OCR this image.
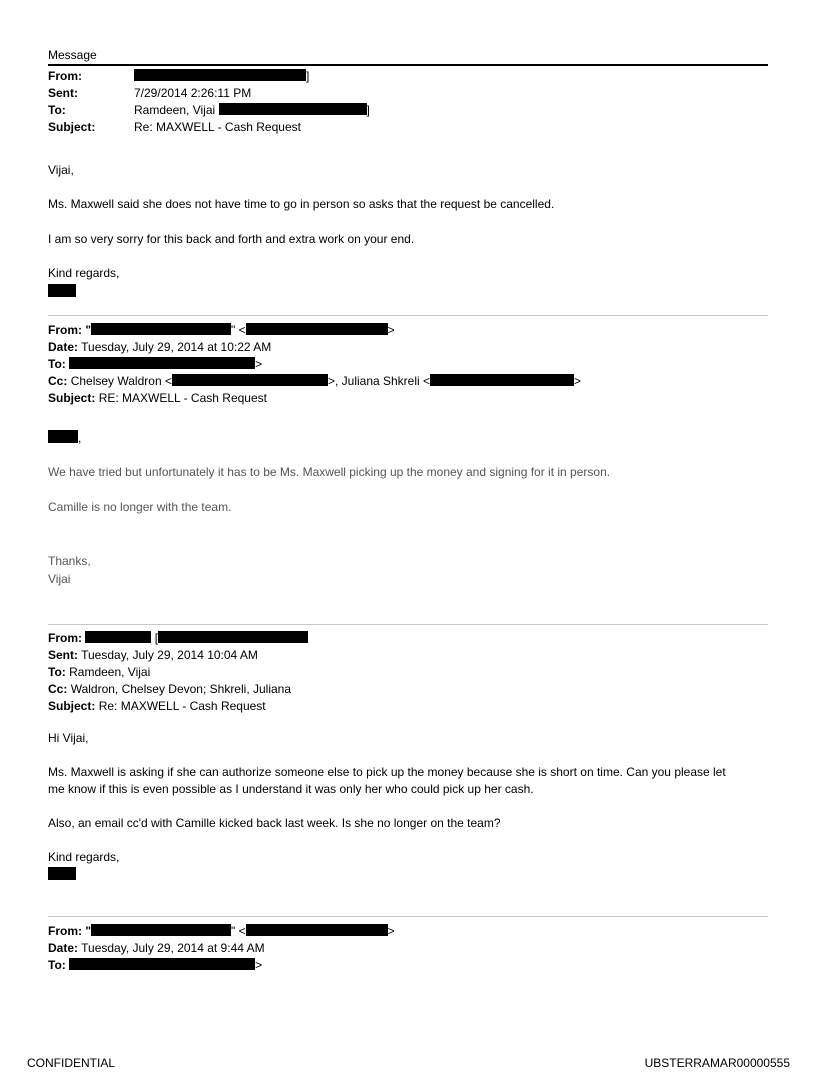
Message
From:	]
Sent:	7/29/2014 2:26:11 PM
To:	Ramdeen, Vijai	]
Subject:	Re: MAXWELL - Cash Request
Vijai,
Ms. Maxwell said she does not have time to go in person so asks that the request be cancelled.
I am so very sorry for this back and forth and extra work on your end.
Kind regards,
From: "	" <	>
Date: Tuesday, July 29, 2014 at 10:22 AM
To:	>
Cc: Chelsey Waldron <	>, Juliana Shkreli <	>
Subject: RE: MAXWELL - Cash Request
,
We have tried but unfortunately it has to be Ms. Maxwell picking up the money and signing for it in person.
Camille is no longer with the team.
Thanks,
Vijai
From:	[
Sent: Tuesday, July 29, 2014 10:04 AM
To: Ramdeen, Vijai
Cc: Waldron, Chelsey Devon; Shkreli, Juliana
Subject: Re: MAXWELL - Cash Request
Hi Vijai,
Ms. Maxwell is asking if she can authorize someone else to pick up the money because she is short on time. Can you please let
me know if this is even possible as I understand it was only her who could pick up her cash.
Also, an email cc'd with Camille kicked back last week. Is she no longer on the team?
Kind regards,
From: "	" <	>
Date: Tuesday, July 29, 2014 at 9:44 AM
To:	>
CONFIDENTIAL	UBSTERRAMAR00000555
